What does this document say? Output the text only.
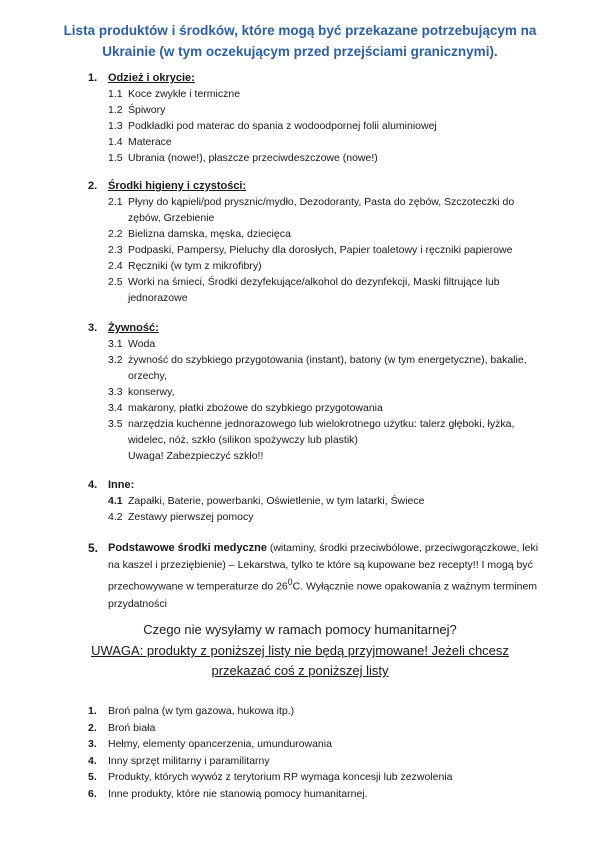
Lista produktów i środków, które mogą być przekazane potrzebującym na Ukrainie (w tym oczekującym przed przejściami granicznymi).
1. Odzież i okrycie:
1.1 Koce zwykłe i termiczne
1.2 Śpiwory
1.3 Podkładki pod materac do spania z wodoodpornej folii aluminiowej
1.4 Materace
1.5 Ubrania (nowe!), płaszcze przeciwdeszczowe (nowe!)
2. Środki higieny i czystości:
2.1 Płyny do kąpieli/pod prysznic/mydło, Dezodoranty, Pasta do zębów, Szczoteczki do zębów, Grzebienie
2.2 Bielizna damska, męska, dziecięca
2.3 Podpaski, Pampersy, Pieluchy dla dorosłych, Papier toaletowy i ręczniki papierowe
2.4 Ręczniki (w tym z mikrofibry)
2.5 Worki na śmieci, Środki dezyfekujące/alkohol do dezynfekcji, Maski filtrujące lub jednorazowe
3. Żywność:
3.1 Woda
3.2 żywność do szybkiego przygotowania (instant), batony (w tym energetyczne), bakalie, orzechy,
3.3 konserwy,
3.4 makarony, płatki zbożowe do szybkiego przygotowania
3.5 narzędzia kuchenne jednorazowego lub wielokrotnego użytku: talerz głęboki, łyżka, widelec, nóż, szkło (silikon spożywczy lub plastik)
Uwaga! Zabezpieczyć szkło!!
4. Inne:
4.1 Zapałki, Baterie, powerbanki, Oświetlenie, w tym latarki, Świece
4.2 Zestawy pierwszej pomocy
5. Podstawowe środki medyczne (witaminy, środki przeciwbólowe, przeciwgorączkowe, leki na kaszel i przeziębienie) – Lekarstwa, tylko te które są kupowane bez recepty!! I mogą być przechowywane w temperaturze do $26^0C$. Wyłącznie nowe opakowania z ważnym terminem przydatności
Czego nie wysyłamy w ramach pomocy humanitarnej?
UWAGA: produkty z poniższej listy nie będą przyjmowane! Jeżeli chcesz przekazać coś z poniższej listy
1.	Broń palna (w tym gazowa, hukowa itp.)
2.	Broń biała
3.	Hełmy, elementy opancerzenia, umundurowania
4.	Inny sprzęt militarny i paramilitarny
5.	Produkty, których wywóz z terytorium RP wymaga koncesji lub zezwolenia
6.	Inne produkty, które nie stanowią pomocy humanitarnej.
